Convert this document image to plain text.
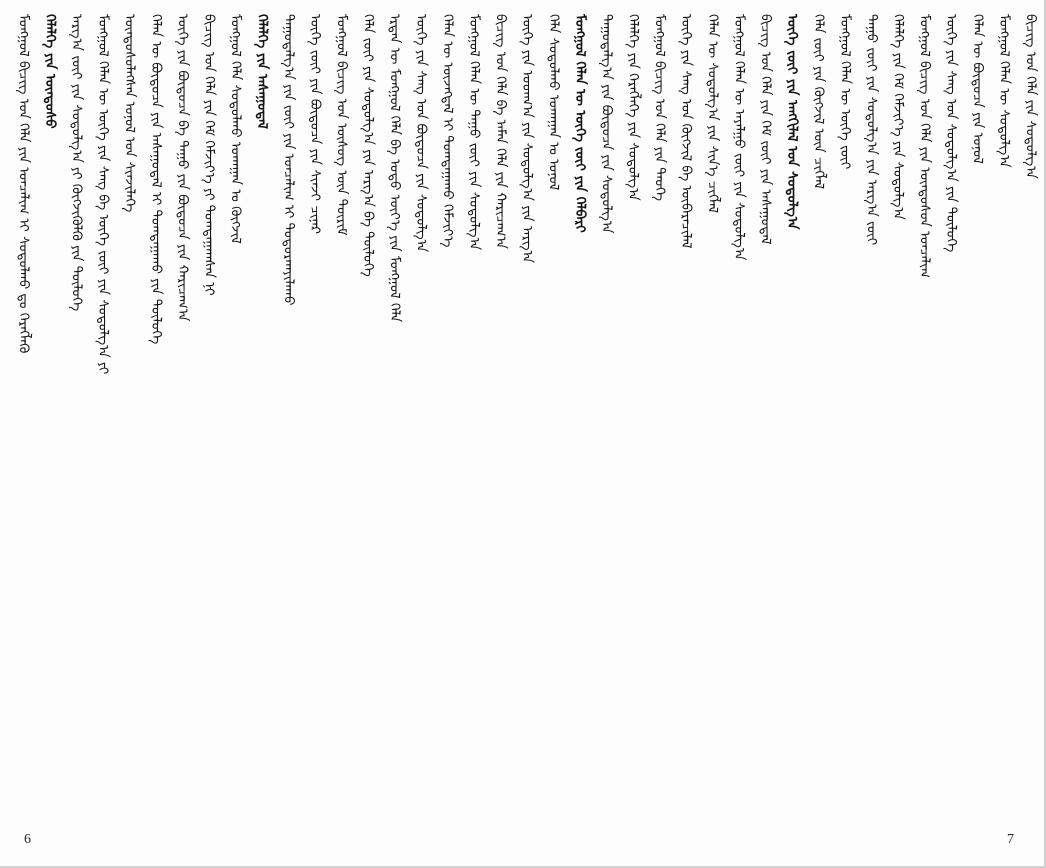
ᠮᠣᠩᠭᠣᠯ ᠪᠢᠴᠢᠭ ᠤᠨ ᠬᠡᠯᠡ ᠶᠢᠨ ᠣᠨᠴᠠᠯᠢᠭ ᠢ ᠰᠤᠳᠤᠯᠬᠤ ᠳᠤ ᠬᠡᠷᠡᠭᠯᠡᠬᠦ ᠬᠡᠯᠡᠯᠭᠡ ᠶᠢᠨ ᠦᠨᠳᠦᠰᠦ ᠠᠷᠭ᠎ᠠ ᠵᠦᠢ ᠶᠢᠨ ᠰᠤᠳᠤᠯᠭ᠎ᠠ ᠶᠢ ᠬᠥᠭᠵᠢᠭᠦᠯᠬᠦ ᠶᠢᠨ ᠲᠥᠯᠥᠭᠡ ᠮᠣᠩᠭᠣᠯ ᠬᠡᠯᠡᠨ ᠦ ᠦᠭᠡ ᠶᠢᠨ ᠰᠠᠩ ᠪᠠ ᠦᠭᠡ ᠵᠦᠢ ᠶᠢᠨ ᠰᠤᠳᠤᠯᠭ᠎ᠠ ᠶᠢ ᠦᠨᠳᠦᠰᠦᠯᠡᠭᠰᠡᠨ ᠣᠨᠣᠯ ᠤᠨ ᠰᠢᠨᠵᠢᠯᠡᠭᠡ ᠬᠡᠯᠡᠨ ᠦ ᠪᠦᠲᠦᠴᠡ ᠶᠢᠨ ᠠᠰᠠᠭᠤᠳᠠᠯ ᠢ ᠲᠣᠭᠲᠠᠭᠠᠬᠤ ᠶᠢᠨ ᠲᠥᠯᠥᠭᠡ ᠦᠭᠡ ᠶᠢᠨ ᠪᠦᠲᠦᠴᠡ ᠪᠠ ᠳᠠᠭᠤ ᠶᠢᠨ ᠪᠦᠲᠦᠴᠡ ᠶᠢᠨ ᠬᠠᠷᠢᠴᠠᠭ᠎ᠠ ᠪᠢᠴᠢᠭ ᠤᠨ ᠬᠡᠯᠡ ᠶᠢᠨ ᠬᠡᠮ ᠬᠡᠮᠵᠢᠶ᠎ᠡ ᠶᠢ ᠲᠣᠭᠲᠠᠭᠠᠭᠰᠠᠨ ᠨᠢ ᠮᠣᠩᠭᠣᠯ ᠬᠡᠯᠡ ᠰᠤᠳᠤᠯᠬᠤ ᠤᠬᠠᠭᠠᠨ ᠤ ᠬᠥᠭᠵᠢᠯ ᠬᠡᠯᠡᠯᠭᠡ ᠶᠢᠨ ᠠᠰᠠᠭᠤᠳᠠᠯ ᠳᠠᠭᠤᠳᠠᠯᠭ᠎ᠠ ᠶᠢᠨ ᠵᠦᠢ ᠶᠢᠨ ᠣᠨᠴᠠᠯᠢᠭ ᠢ ᠲᠣᠳᠣᠷᠬᠠᠶᠢᠯᠠᠬᠤ ᠦᠭᠡ ᠵᠦᠢ ᠶᠢᠨ ᠪᠦᠲᠦᠴᠡ ᠶᠢᠨ ᠰᠢᠨᠵᠢ ᠴᠢᠨᠠᠷ ᠮᠣᠩᠭᠣᠯ ᠪᠢᠴᠢᠭ ᠤᠨ ᠦᠰᠦᠭ ᠦᠨ ᠳᠦᠷᠢᠮ ᠬᠡᠯᠡ ᠵᠦᠢ ᠶᠢᠨ ᠰᠤᠳᠤᠯᠭ᠎ᠠ ᠶᠢᠨ ᠠᠷᠭ᠎ᠠ ᠪᠠ ᠲᠥᠯᠥᠭᠡ ᠡᠷᠲᠡᠨ ᠦ ᠮᠣᠩᠭᠣᠯ ᠬᠡᠯᠡ ᠪᠠ ᠣᠳᠣ ᠦᠶ᠎ᠡ ᠶᠢᠨ ᠮᠣᠩᠭᠣᠯ ᠬᠡᠯᠡ ᠦᠭᠡ ᠶᠢᠨ ᠰᠠᠩ ᠤᠨ ᠪᠦᠲᠦᠴᠡ ᠶᠢᠨ ᠰᠤᠳᠤᠯᠭ᠎ᠠ ᠬᠡᠯᠡᠨ ᠦ ᠦᠵᠡᠭᠳᠡᠯ ᠢ ᠲᠣᠭᠲᠠᠭᠠᠬᠤ ᠬᠡᠮᠵᠢᠶ᠎ᠡ ᠮᠣᠩᠭᠣᠯ ᠬᠡᠯᠡᠨ ᠦ ᠳᠠᠭᠤ ᠵᠦᠢ ᠶᠢᠨ ᠰᠤᠳᠤᠯᠭ᠎ᠠ ᠪᠢᠴᠢᠭ ᠤᠨ ᠬᠡᠯᠡ ᠪᠠ ᠠᠮᠠᠨ ᠬᠡᠯᠡ ᠶᠢᠨ ᠬᠠᠷᠢᠴᠠᠭ᠎ᠠ ᠦᠭᠡ ᠶᠢᠨ ᠤᠳᠬ᠎ᠠ ᠶᠢᠨ ᠰᠤᠳᠤᠯᠭ᠎ᠠ ᠶᠢᠨ ᠠᠷᠭ᠎ᠠ ᠬᠡᠯᠡ ᠰᠤᠳᠤᠯᠬᠤ ᠤᠬᠠᠭᠠᠨ ᠤ ᠣᠨᠣᠯ ᠮᠣᠩᠭᠣᠯ ᠬᠡᠯᠡᠨ ᠦ ᠦᠭᠡ ᠵᠦᠢ ᠶᠢᠨ ᠬᠡᠯᠪᠡᠷᠢ ᠳᠠᠭᠤᠳᠠᠯᠭ᠎ᠠ ᠶᠢᠨ ᠪᠦᠲᠦᠴᠡ ᠶᠢᠨ ᠰᠤᠳᠤᠯᠭ᠎ᠠ ᠬᠡᠯᠡᠯᠭᠡ ᠶᠢᠨ ᠬᠡᠷᠡᠭᠯᠡᠭᠡ ᠶᠢᠨ ᠰᠤᠳᠤᠯᠭ᠎ᠠ ᠮᠣᠩᠭᠣᠯ ᠪᠢᠴᠢᠭ ᠤᠨ ᠬᠡᠯᠡ ᠶᠢᠨ ᠲᠡᠦᠬᠡ ᠦᠭᠡ ᠶᠢᠨ ᠰᠠᠩ ᠤᠨ ᠬᠥᠭᠵᠢᠯ ᠪᠠ ᠥᠪᠡᠷᠡᠴᠢᠯᠡᠯ ᠬᠡᠯᠡᠨ ᠦ ᠰᠤᠳᠤᠯᠭ᠎ᠠ ᠶᠢᠨ ᠰᠢᠨ᠎ᠡ ᠴᠢᠭᠯᠡᠯ ᠮᠣᠩᠭᠣᠯ ᠬᠡᠯᠡᠨ ᠦ ᠠᠶᠠᠯᠭᠤ ᠵᠦᠢ ᠶᠢᠨ ᠰᠤᠳᠤᠯᠭ᠎ᠠ ᠪᠢᠴᠢᠭ ᠤᠨ ᠬᠡᠯᠡ ᠶᠢᠨ ᠬᠡᠮ ᠵᠦᠢ ᠶᠢᠨ ᠠᠰᠠᠭᠤᠳᠠᠯ ᠦᠭᠡ ᠵᠦᠢ ᠶᠢᠨ ᠠᠩᠭᠢᠯᠠᠯ ᠤᠨ ᠰᠤᠳᠤᠯᠭ᠎ᠠ ᠬᠡᠯᠡ ᠵᠦᠢ ᠶᠢᠨ ᠬᠥᠭᠵᠢᠯ ᠦᠨ ᠴᠢᠭᠯᠡᠯ ᠮᠣᠩᠭᠣᠯ ᠬᠡᠯᠡᠨ ᠦ ᠦᠭᠡ ᠵᠦᠢ ᠳᠠᠭᠤ ᠵᠦᠢ ᠶᠢᠨ ᠰᠤᠳᠤᠯᠭ᠎ᠠ ᠶᠢᠨ ᠠᠷᠭ᠎ᠠ ᠵᠦᠢ ᠬᠡᠯᠡᠯᠭᠡ ᠶᠢᠨ ᠬᠡᠮ ᠬᠡᠮᠵᠢᠶ᠎ᠡ ᠶᠢᠨ ᠰᠤᠳᠤᠯᠭ᠎ᠠ ᠮᠣᠩᠭᠣᠯ ᠪᠢᠴᠢᠭ ᠤᠨ ᠬᠡᠯᠡ ᠶᠢᠨ ᠦᠨᠳᠦᠰᠦᠨ ᠣᠨᠴᠠᠯᠢᠭ ᠦᠭᠡ ᠶᠢᠨ ᠰᠠᠩ ᠤᠨ ᠰᠤᠳᠤᠯᠭ᠎ᠠ ᠶᠢᠨ ᠲᠥᠯᠥᠭᠡ ᠬᠡᠯᠡᠨ ᠦ ᠪᠦᠲᠦᠴᠡ ᠶᠢᠨ ᠣᠨᠣᠯ ᠮᠣᠩᠭᠣᠯ ᠬᠡᠯᠡᠨ ᠦ ᠰᠤᠳᠤᠯᠭ᠎ᠠ ᠪᠢᠴᠢᠭ ᠤᠨ ᠬᠡᠯᠡ ᠶᠢᠨ ᠰᠤᠳᠤᠯᠭ᠎ᠠ
6	7
